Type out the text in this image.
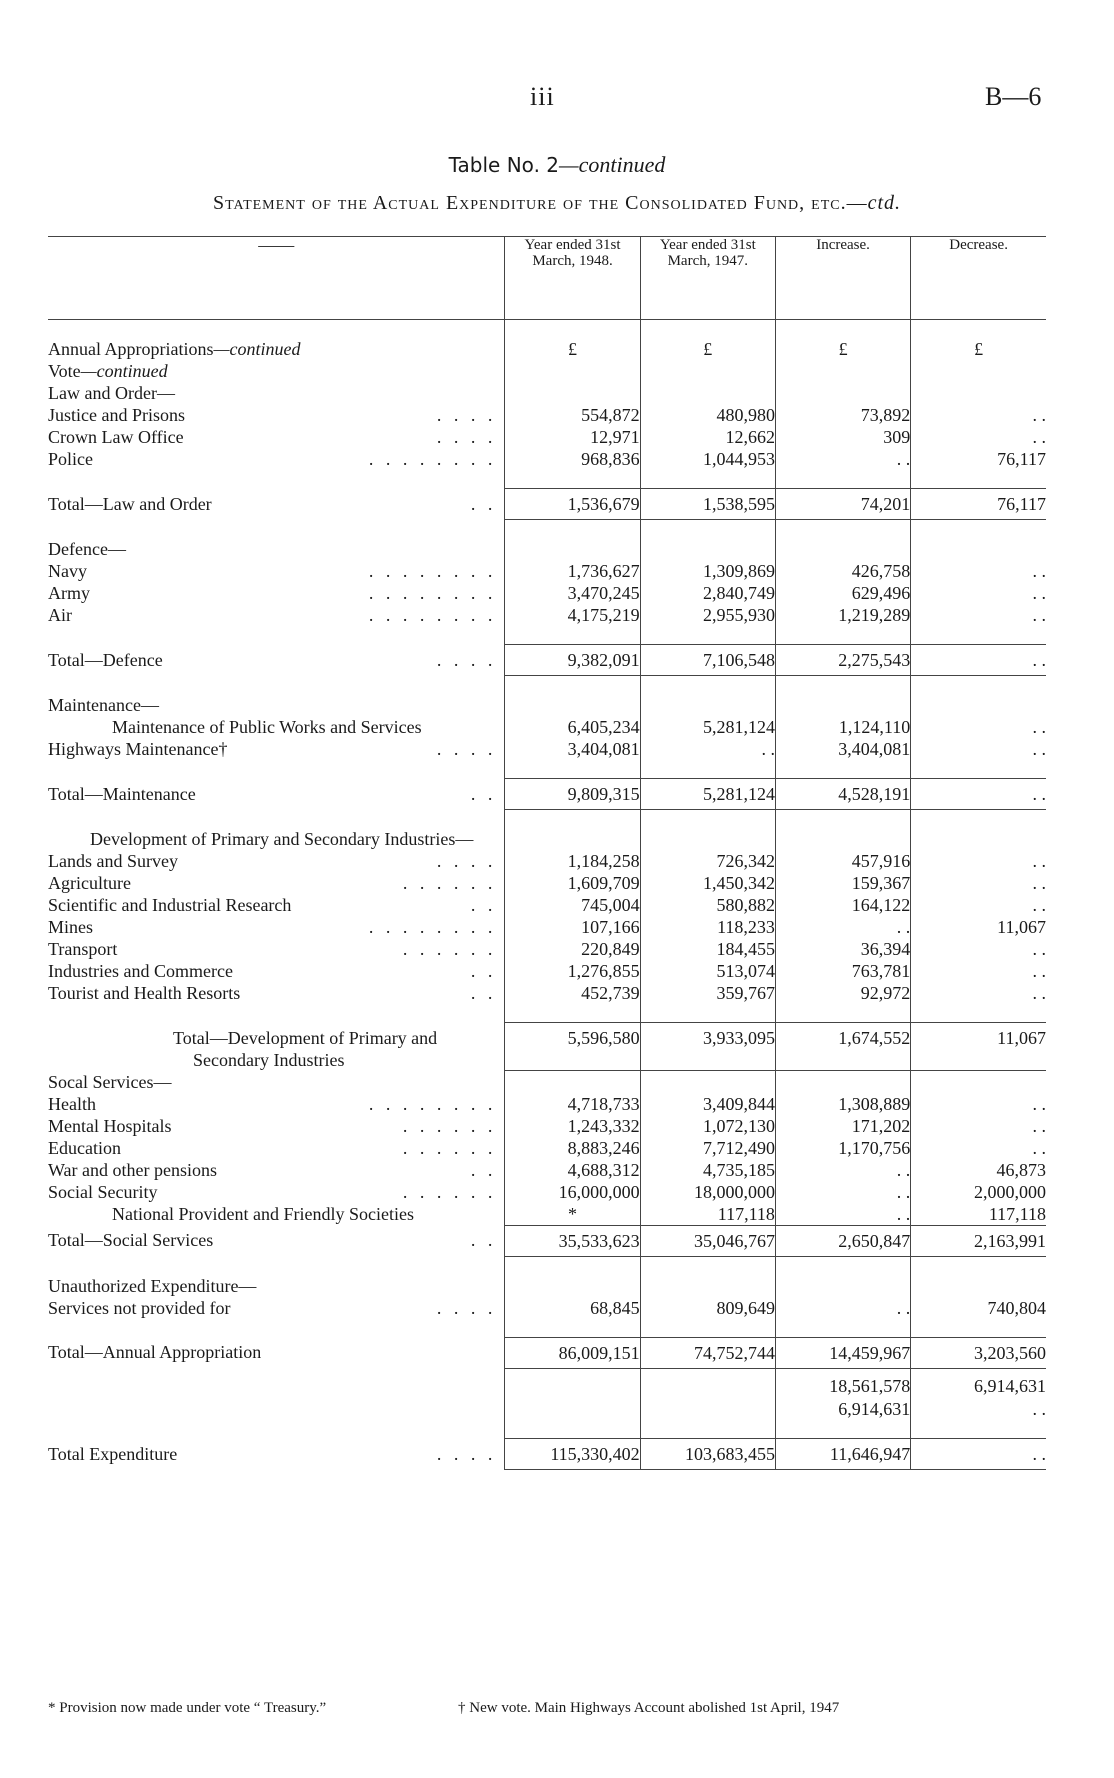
iii	B—6
Table No. 2—continued
Statement of the Actual Expenditure of the Consolidated Fund, etc.—ctd.
——	Year ended 31st March, 1948.	Year ended 31st March, 1947.	Increase.	Decrease.

Annual Appropriations—continued	£	£	£	£
Vote—continued				
Law and Order—				
Justice and Prisons . . . .	554,872	480,980	73,892	. .
Crown Law Office . . . .	12,971	12,662	309	. .
Police . . . . . . . .	968,836	1,044,953	. .	76,117

Total—Law and Order . .	1,536,679	1,538,595	74,201	76,117

Defence—				
Navy . . . . . . . .	1,736,627	1,309,869	426,758	. .
Army . . . . . . . .	3,470,245	2,840,749	629,496	. .
Air . . . . . . . .	4,175,219	2,955,930	1,219,289	. .

Total—Defence . . . .	9,382,091	7,106,548	2,275,543	. .

Maintenance—				
Maintenance of Public Works and Services	6,405,234	5,281,124	1,124,110	. .
Highways Maintenance† . . . .	3,404,081	. .	3,404,081	. .

Total—Maintenance . .	9,809,315	5,281,124	4,528,191	. .

Development of Primary and Secondary Industries—				
Lands and Survey . . . .	1,184,258	726,342	457,916	. .
Agriculture . . . . . .	1,609,709	1,450,342	159,367	. .
Scientific and Industrial Research . .	745,004	580,882	164,122	. .
Mines . . . . . . . .	107,166	118,233	. .	11,067
Transport . . . . . .	220,849	184,455	36,394	. .
Industries and Commerce . .	1,276,855	513,074	763,781	. .
Tourist and Health Resorts . .	452,739	359,767	92,972	. .

Total—Development of Primary and Secondary Industries	5,596,580	3,933,095	1,674,552	11,067
Socal Services—				
Health . . . . . . . .	4,718,733	3,409,844	1,308,889	. .
Mental Hospitals . . . . . .	1,243,332	1,072,130	171,202	. .
Education . . . . . .	8,883,246	7,712,490	1,170,756	. .
War and other pensions . .	4,688,312	4,735,185	. .	46,873
Social Security . . . . . .	16,000,000	18,000,000	. .	2,000,000
National Provident and Friendly Societies	*	117,118	. .	117,118
Total—Social Services . .	35,533,623	35,046,767	2,650,847	2,163,991

Unauthorized Expenditure—				
Services not provided for . . . .	68,845	809,649	. .	740,804

Total—Annual Appropriation	86,009,151	74,752,744	14,459,967	3,203,560
			18,561,578	6,914,631
			6,914,631	. .

Total Expenditure . . . .	115,330,402	103,683,455	11,646,947	. .
* Provision now made under vote “ Treasury.”	† New vote. Main Highways Account abolished 1st April, 1947
